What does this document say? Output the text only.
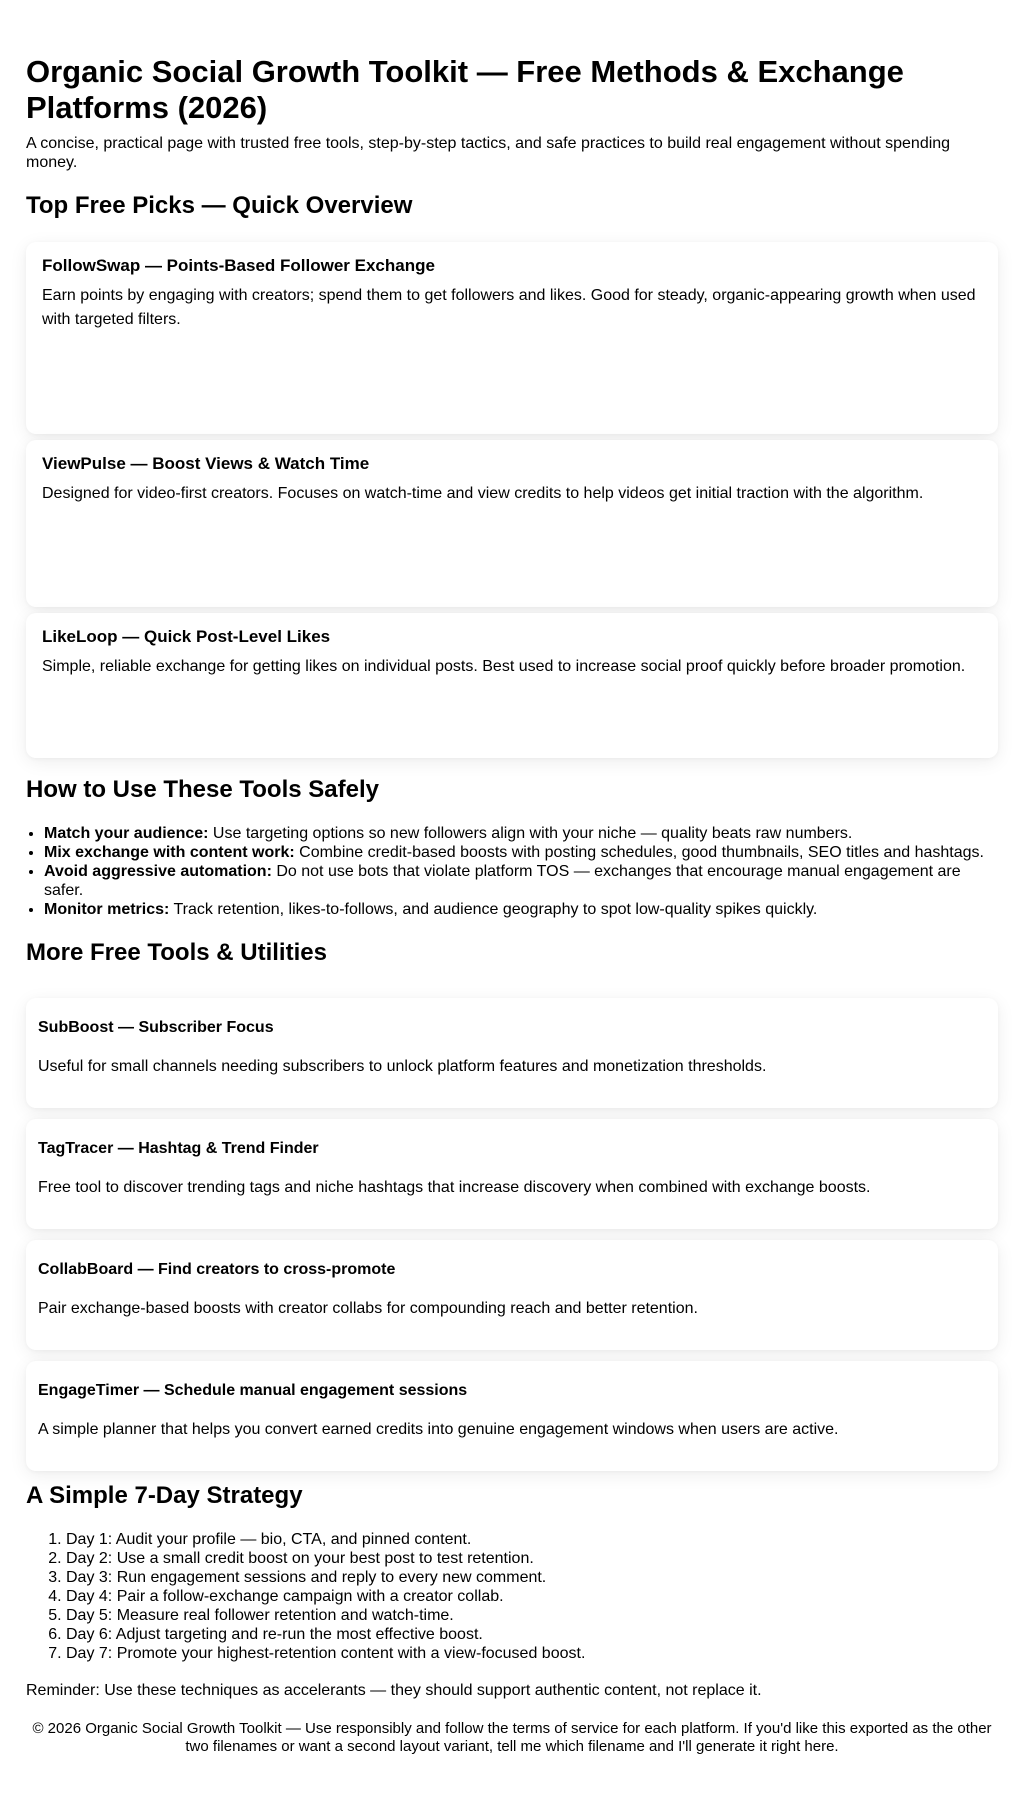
Organic Social Growth Toolkit — Free Methods & Exchange Platforms (2026)

A concise, practical page with trusted free tools, step-by-step tactics, and safe practices to build real engagement without spending money.

Top Free Picks — Quick Overview
FollowSwap — Points-Based Follower Exchange

Earn points by engaging with creators; spend them to get followers and likes. Good for steady, organic-appearing growth when used with targeted filters.

ViewPulse — Boost Views & Watch Time

Designed for video-first creators. Focuses on watch-time and view credits to help videos get initial traction with the algorithm.

LikeLoop — Quick Post-Level Likes

Simple, reliable exchange for getting likes on individual posts. Best used to increase social proof quickly before broader promotion.

How to Use These Tools Safely
• Match your audience: Use targeting options so new followers align with your niche — quality beats raw numbers.
• Mix exchange with content work: Combine credit-based boosts with posting schedules, good thumbnails, SEO titles and hashtags.
• Avoid aggressive automation: Do not use bots that violate platform TOS — exchanges that encourage manual engagement are safer.
• Monitor metrics: Track retention, likes-to-follows, and audience geography to spot low-quality spikes quickly.
More Free Tools & Utilities
SubBoost — Subscriber Focus

Useful for small channels needing subscribers to unlock platform features and monetization thresholds.

TagTracer — Hashtag & Trend Finder

Free tool to discover trending tags and niche hashtags that increase discovery when combined with exchange boosts.

CollabBoard — Find creators to cross-promote

Pair exchange-based boosts with creator collabs for compounding reach and better retention.

EngageTimer — Schedule manual engagement sessions

A simple planner that helps you convert earned credits into genuine engagement windows when users are active.

A Simple 7-Day Strategy
1. Day 1: Audit your profile — bio, CTA, and pinned content.
2. Day 2: Use a small credit boost on your best post to test retention.
3. Day 3: Run engagement sessions and reply to every new comment.
4. Day 4: Pair a follow-exchange campaign with a creator collab.
5. Day 5: Measure real follower retention and watch-time.
6. Day 6: Adjust targeting and re-run the most effective boost.
7. Day 7: Promote your highest-retention content with a view-focused boost.

Reminder: Use these techniques as accelerants — they should support authentic content, not replace it.

© 2026 Organic Social Growth Toolkit — Use responsibly and follow the terms of service for each platform. If you'd like this exported as the other two filenames or want a second layout variant, tell me which filename and I'll generate it right here.
